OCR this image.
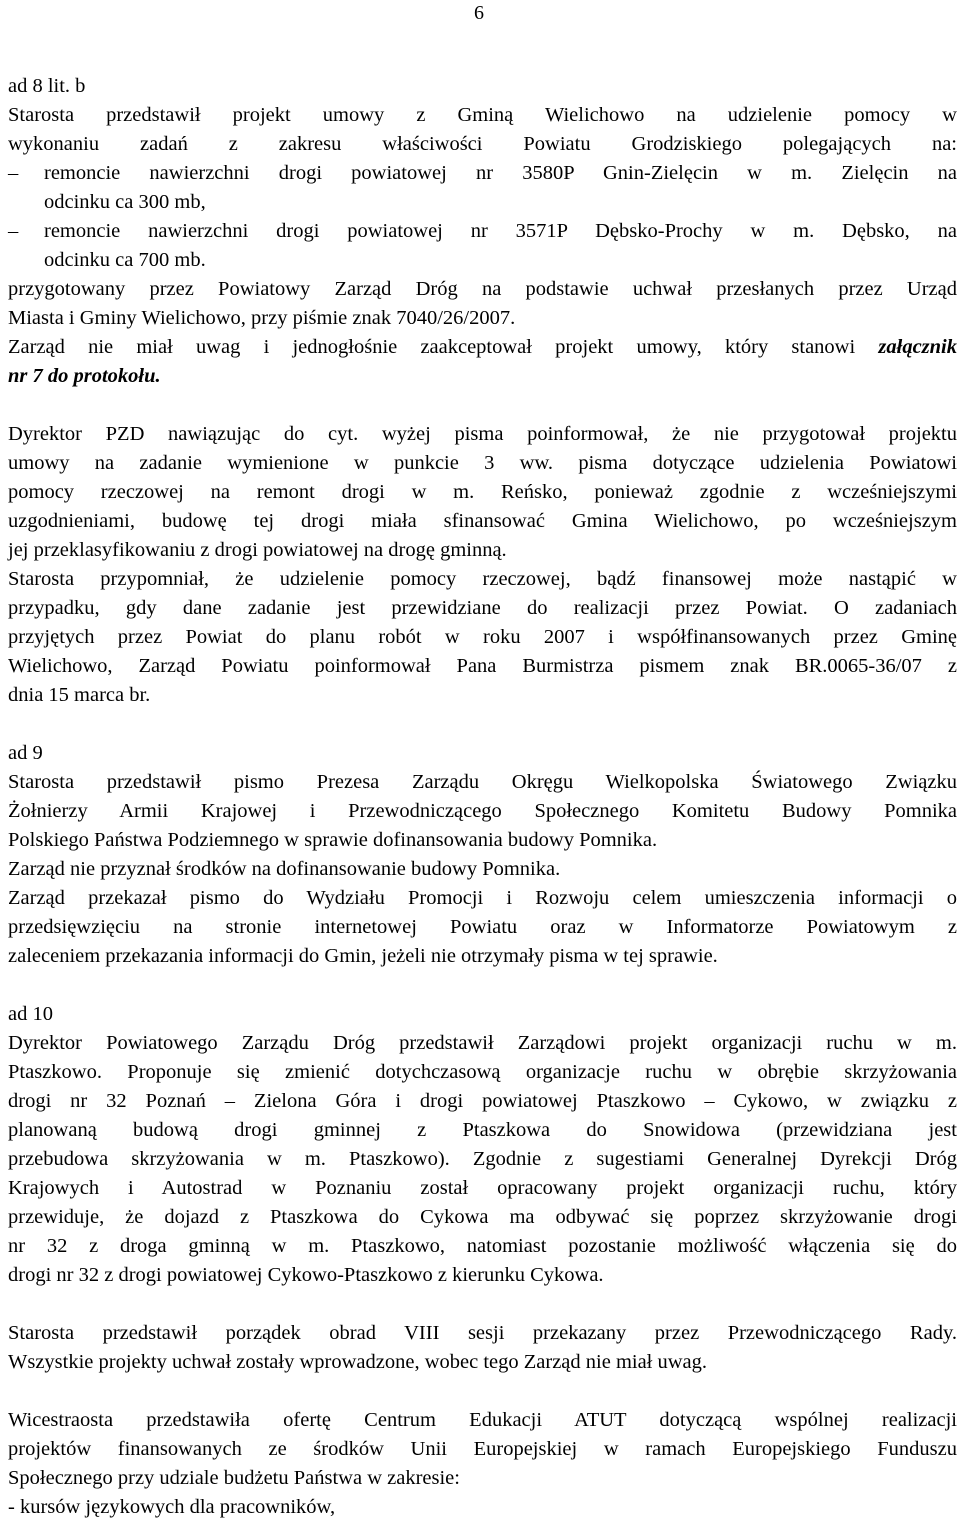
6
ad 8 lit. b
Starosta przedstawił projekt umowy z Gminą Wielichowo na udzielenie pomocy w
wykonaniu zadań z zakresu właściwości Powiatu Grodziskiego polegających na:
– remoncie nawierzchni drogi powiatowej nr 3580P Gnin-Zielęcin w m. Zielęcin na
odcinku ca 300 mb,
– remoncie nawierzchni drogi powiatowej nr 3571P Dębsko-Prochy w m. Dębsko, na
odcinku ca 700 mb.
przygotowany przez Powiatowy Zarząd Dróg na podstawie uchwał przesłanych przez Urząd
Miasta i Gminy Wielichowo, przy piśmie znak 7040/26/2007.
Zarząd nie miał uwag i jednogłośnie zaakceptował projekt umowy, który stanowi załącznik
nr 7 do protokołu.
Dyrektor PZD nawiązując do cyt. wyżej pisma poinformował, że nie przygotował projektu
umowy na zadanie wymienione w punkcie 3 ww. pisma dotyczące udzielenia Powiatowi
pomocy rzeczowej na remont drogi w m. Reńsko, ponieważ zgodnie z wcześniejszymi
uzgodnieniami, budowę tej drogi miała sfinansować Gmina Wielichowo, po wcześniejszym
jej przeklasyfikowaniu z drogi powiatowej na drogę gminną.
Starosta przypomniał, że udzielenie pomocy rzeczowej, bądź finansowej może nastąpić w
przypadku, gdy dane zadanie jest przewidziane do realizacji przez Powiat. O zadaniach
przyjętych przez Powiat do planu robót w roku 2007 i współfinansowanych przez Gminę
Wielichowo, Zarząd Powiatu poinformował Pana Burmistrza pismem znak BR.0065-36/07 z
dnia 15 marca br.
ad 9
Starosta przedstawił pismo Prezesa Zarządu Okręgu Wielkopolska Światowego Związku
Żołnierzy Armii Krajowej i Przewodniczącego Społecznego Komitetu Budowy Pomnika
Polskiego Państwa Podziemnego w sprawie dofinansowania budowy Pomnika.
Zarząd nie przyznał środków na dofinansowanie budowy Pomnika.
Zarząd przekazał pismo do Wydziału Promocji i Rozwoju celem umieszczenia informacji o
przedsięwzięciu na stronie internetowej Powiatu oraz w Informatorze Powiatowym z
zaleceniem przekazania informacji do Gmin, jeżeli nie otrzymały pisma w tej sprawie.
ad 10
Dyrektor Powiatowego Zarządu Dróg przedstawił Zarządowi projekt organizacji ruchu w m.
Ptaszkowo. Proponuje się zmienić dotychczasową organizacje ruchu w obrębie skrzyżowania
drogi nr 32 Poznań – Zielona Góra i drogi powiatowej Ptaszkowo – Cykowo, w związku z
planowaną budową drogi gminnej z Ptaszkowa do Snowidowa (przewidziana jest
przebudowa skrzyżowania w m. Ptaszkowo). Zgodnie z sugestiami Generalnej Dyrekcji Dróg
Krajowych i Autostrad w Poznaniu został opracowany projekt organizacji ruchu, który
przewiduje, że dojazd z Ptaszkowa do Cykowa ma odbywać się poprzez skrzyżowanie drogi
nr 32 z droga gminną w m. Ptaszkowo, natomiast pozostanie możliwość włączenia się do
drogi nr 32 z drogi powiatowej Cykowo-Ptaszkowo z kierunku Cykowa.
Starosta przedstawił porządek obrad VIII sesji przekazany przez Przewodniczącego Rady.
Wszystkie projekty uchwał zostały wprowadzone, wobec tego Zarząd nie miał uwag.
Wicestraosta przedstawiła ofertę Centrum Edukacji ATUT dotyczącą wspólnej realizacji
projektów finansowanych ze środków Unii Europejskiej w ramach Europejskiego Funduszu
Społecznego przy udziale budżetu Państwa w zakresie:
- kursów językowych dla pracowników,
